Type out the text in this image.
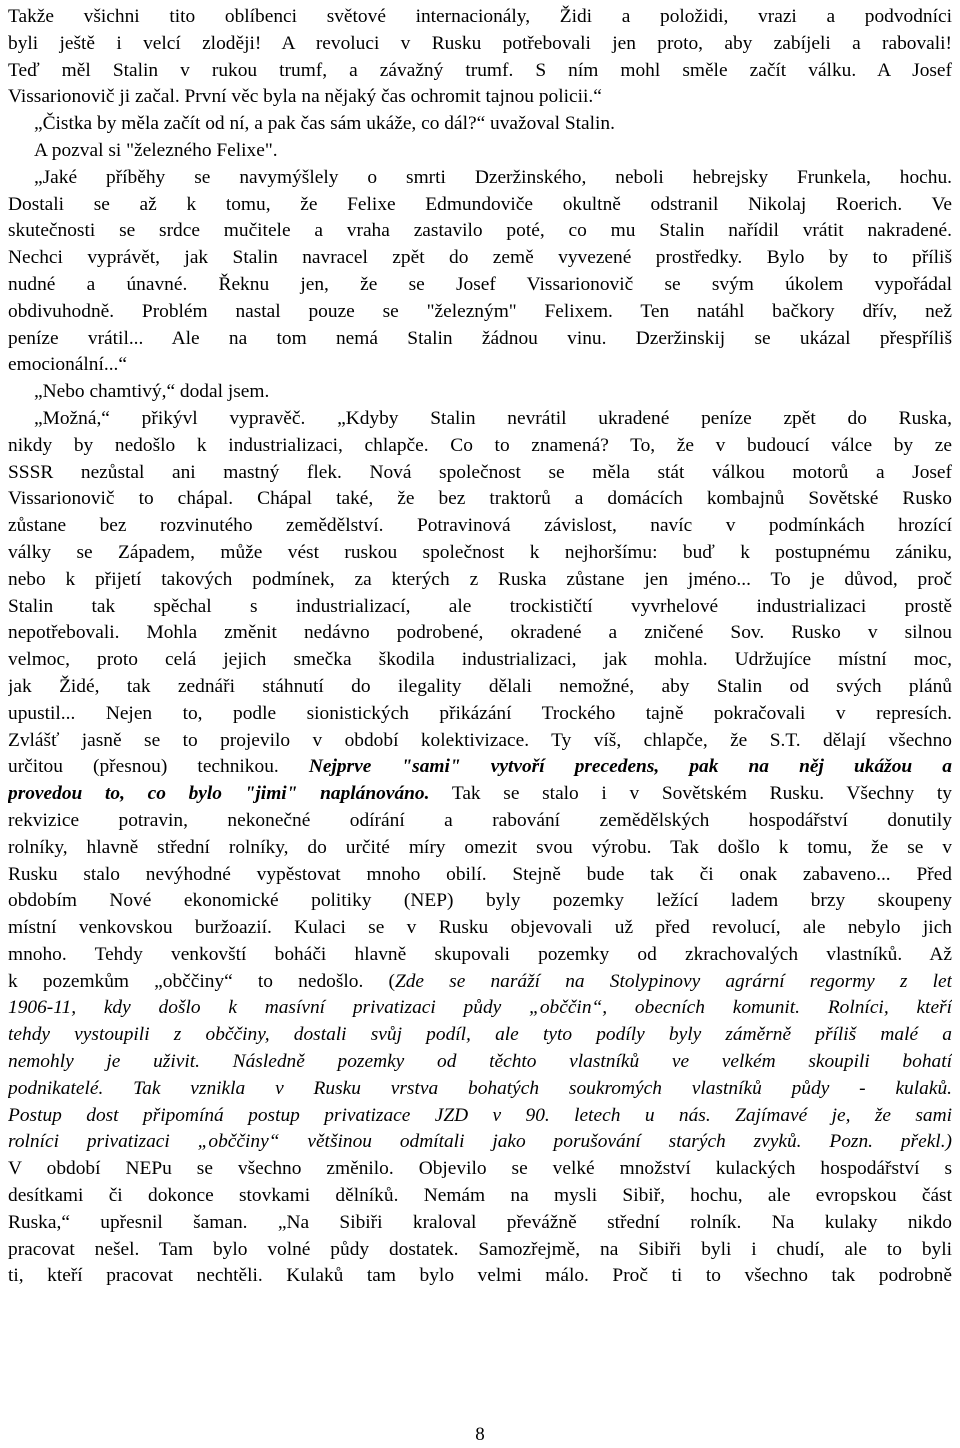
Takže všichni tito oblíbenci světové internacionály, Židi a položidi, vrazi a podvodníci
byli ještě i velcí zloději! A revoluci v Rusku potřebovali jen proto, aby zabíjeli a rabovali!
Teď měl Stalin v rukou trumf, a závažný trumf. S ním mohl směle začít válku. A Josef
Vissarionovič ji začal. První věc byla na nějaký čas ochromit tajnou policii.“
„Čistka by měla začít od ní, a pak čas sám ukáže, co dál?“ uvažoval Stalin.
A pozval si "železného Felixe".
„Jaké příběhy se navymýšlely o smrti Dzeržinského, neboli hebrejsky Frunkela, hochu.
Dostali se až k tomu, že Felixe Edmundoviče okultně odstranil Nikolaj Roerich. Ve
skutečnosti se srdce mučitele a vraha zastavilo poté, co mu Stalin nařídil vrátit nakradené.
Nechci vyprávět, jak Stalin navracel zpět do země vyvezené prostředky. Bylo by to příliš
nudné a únavné. Řeknu jen, že se Josef Vissarionovič se svým úkolem vypořádal
obdivuhodně. Problém nastal pouze se "železným" Felixem. Ten natáhl bačkory dřív, než
peníze vrátil... Ale na tom nemá Stalin žádnou vinu. Dzeržinskij se ukázal přespříliš
emocionální...“
„Nebo chamtivý,“ dodal jsem.
„Možná,“ přikývl vypravěč. „Kdyby Stalin nevrátil ukradené peníze zpět do Ruska,
nikdy by nedošlo k industrializaci, chlapče. Co to znamená? To, že v budoucí válce by ze
SSSR nezůstal ani mastný flek. Nová společnost se měla stát válkou motorů a Josef
Vissarionovič to chápal. Chápal také, že bez traktorů a domácích kombajnů Sovětské Rusko
zůstane bez rozvinutého zemědělství. Potravinová závislost, navíc v podmínkách hrozící
války se Západem, může vést ruskou společnost k nejhoršímu: buď k postupnému zániku,
nebo k přijetí takových podmínek, za kterých z Ruska zůstane jen jméno... To je důvod, proč
Stalin tak spěchal s industrializací, ale trockističtí vyvrhelové industrializaci prostě
nepotřebovali. Mohla změnit nedávno podrobené, okradené a zničené Sov. Rusko v silnou
velmoc, proto celá jejich smečka škodila industrializaci, jak mohla. Udržujíce místní moc,
jak Židé, tak zednáři stáhnutí do ilegality dělali nemožné, aby Stalin od svých plánů
upustil... Nejen to, podle sionistických přikázání Trockého tajně pokračovali v represích.
Zvlášť jasně se to projevilo v období kolektivizace. Ty víš, chlapče, že S.T. dělají všechno
určitou (přesnou) technikou. Nejprve "sami" vytvoří precedens, pak na něj ukážou a
provedou to, co bylo "jimi" naplánováno. Tak se stalo i v Sovětském Rusku. Všechny ty
rekvizice potravin, nekonečné odírání a rabování zemědělských hospodářství donutily
rolníky, hlavně střední rolníky, do určité míry omezit svou výrobu. Tak došlo k tomu, že se v
Rusku stalo nevýhodné vypěstovat mnoho obilí. Stejně bude tak či onak zabaveno... Před
obdobím Nové ekonomické politiky (NEP) byly pozemky ležící ladem brzy skoupeny
místní venkovskou buržoazií. Kulaci se v Rusku objevovali už před revolucí, ale nebylo jich
mnoho. Tehdy venkovští boháči hlavně skupovali pozemky od zkrachovalých vlastníků. Až
k pozemkům „obččiny“ to nedošlo. (Zde se naráží na Stolypinovy agrární regormy z let
1906-11, kdy došlo k masívní privatizaci půdy „obččin“, obecních komunit. Rolníci, kteří
tehdy vystoupili z obččiny, dostali svůj podíl, ale tyto podíly byly záměrně příliš malé a
nemohly je uživit. Následně pozemky od těchto vlastníků ve velkém skoupili bohatí
podnikatelé. Tak vznikla v Rusku vrstva bohatých soukromých vlastníků půdy - kulaků.
Postup dost připomíná postup privatizace JZD v 90. letech u nás. Zajímavé je, že sami
rolníci privatizaci „obččiny“ většinou odmítali jako porušování starých zvyků. Pozn. překl.)
V období NEPu se všechno změnilo. Objevilo se velké množství kulackých hospodářství s
desítkami či dokonce stovkami dělníků. Nemám na mysli Sibiř, hochu, ale evropskou část
Ruska,“ upřesnil šaman. „Na Sibiři kraloval převážně střední rolník. Na kulaky nikdo
pracovat nešel. Tam bylo volné půdy dostatek. Samozřejmě, na Sibiři byli i chudí, ale to byli
ti, kteří pracovat nechtěli. Kulaků tam bylo velmi málo. Proč ti to všechno tak podrobně
8
